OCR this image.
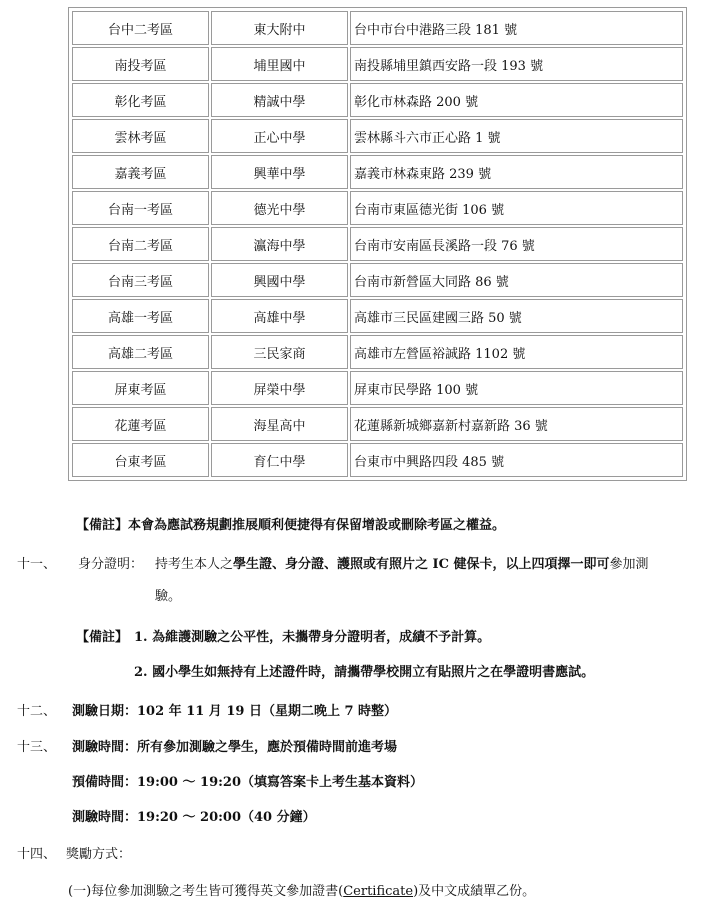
台中二考區	東大附中	台中市台中港路三段 181 號
南投考區	埔里國中	南投縣埔里鎮西安路一段 193 號
彰化考區	精誠中學	彰化市林森路 200 號
雲林考區	正心中學	雲林縣斗六市正心路 1 號
嘉義考區	興華中學	嘉義市林森東路 239 號
台南一考區	德光中學	台南市東區德光街 106 號
台南二考區	瀛海中學	台南市安南區長溪路一段 76 號
台南三考區	興國中學	台南市新營區大同路 86 號
高雄一考區	高雄中學	高雄市三民區建國三路 50 號
高雄二考區	三民家商	高雄市左營區裕誠路 1102 號
屏東考區	屏榮中學	屏東市民學路 100 號
花蓮考區	海星高中	花蓮縣新城鄉嘉新村嘉新路 36 號
台東考區	育仁中學	台東市中興路四段 485 號
【備註】本會為應試務規劃推展順利便捷得有保留增設或刪除考區之權益。
十一、 身分證明： 持考生本人之學生證、身分證、護照或有照片之 IC 健保卡，以上四項擇一即可參加測
驗。
【備註】 1. 為維護測驗之公平性，未攜帶身分證明者，成績不予計算。
2. 國小學生如無持有上述證件時，請攜帶學校開立有貼照片之在學證明書應試。
十二、 測驗日期：102 年 11 月 19 日（星期二晚上 7 時整）
十三、 測驗時間：所有參加測驗之學生，應於預備時間前進考場
預備時間：19:00 ～ 19:20（填寫答案卡上考生基本資料）
測驗時間：19:20 ～ 20:00（40 分鐘）
十四、 獎勵方式：
(一)每位參加測驗之考生皆可獲得英文參加證書(Certificate)及中文成績單乙份。
